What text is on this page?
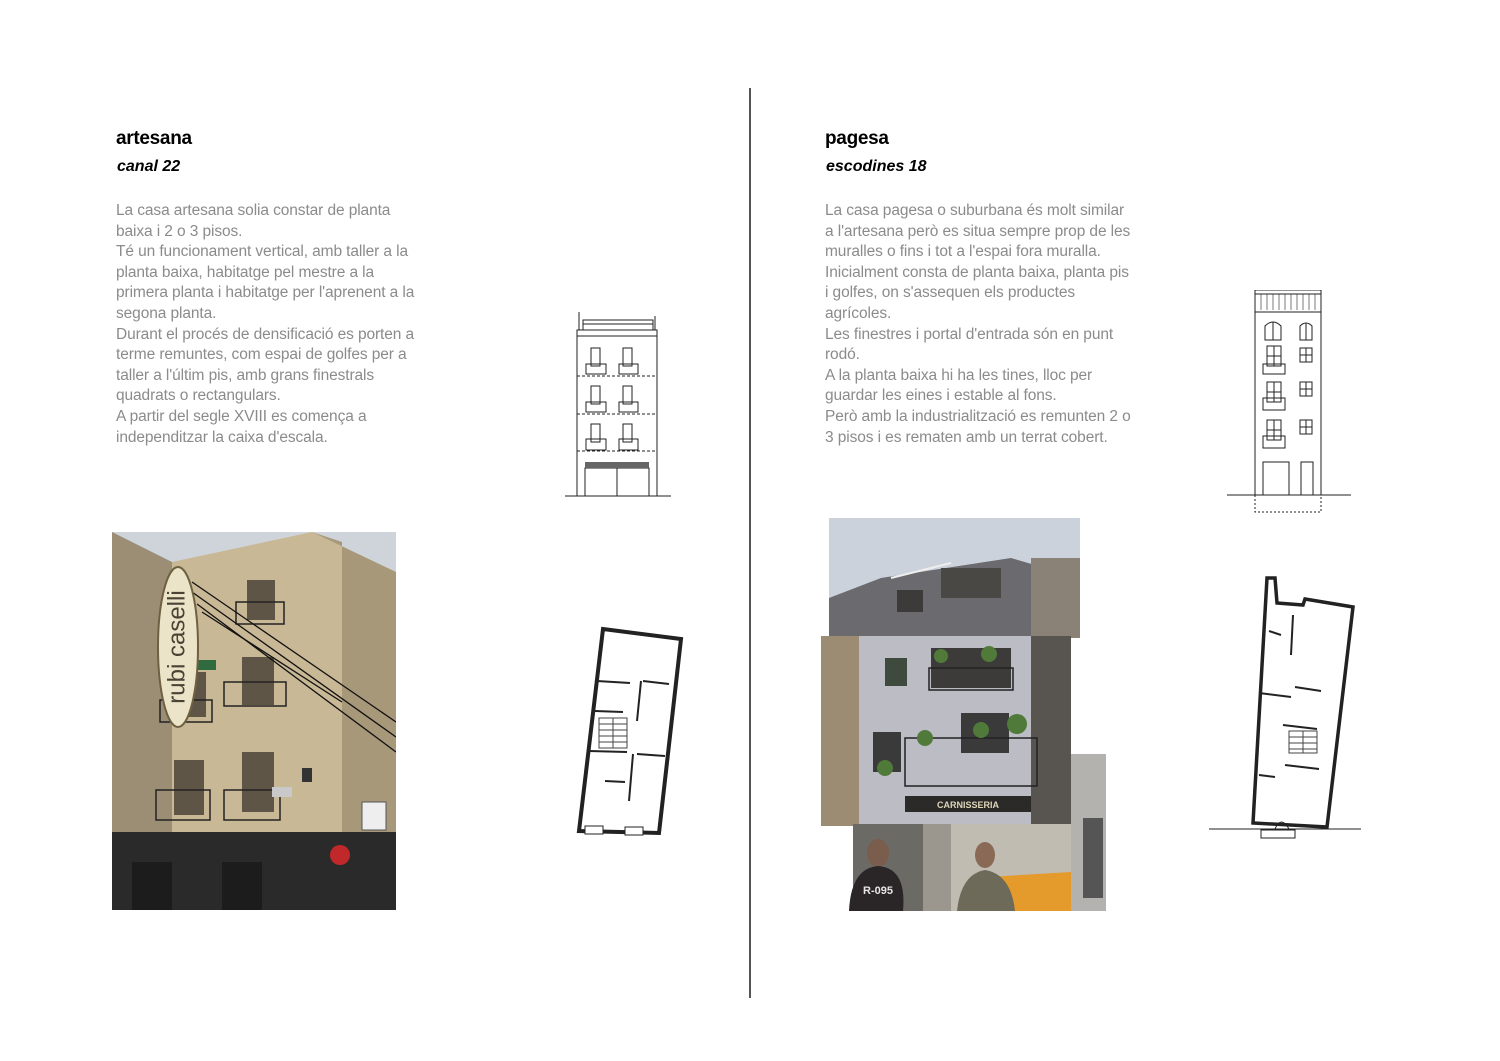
artesana
canal 22

La casa artesana solia constar de planta
baixa i 2 o 3 pisos.
Té un funcionament vertical, amb taller a la
planta baixa, habitatge pel mestre a la
primera planta i habitatge per l'aprenent a la
segona planta.
Durant el procés de densificació es porten a
terme remuntes, com espai de golfes per a
taller a l'últim pis, amb grans finestrals
quadrats o rectangulars.
A partir del segle XVIII es comença a
independitzar la caixa d'escala.

rubi caselli
pagesa
escodines 18

La casa pagesa o suburbana és molt similar
a l'artesana però es situa sempre prop de les
muralles o fins i tot a l'espai fora muralla.
Inicialment consta de planta baixa, planta pis
i golfes, on s'assequen els productes
agrícoles.
Les finestres i portal d'entrada són en punt
rodó.
A la planta baixa hi ha les tines, lloc per
guardar les eines i estable al fons.
Però amb la industrialització es remunten 2 o
3 pisos i es rematen amb un terrat cobert.

CARNISSERIA
R-095
